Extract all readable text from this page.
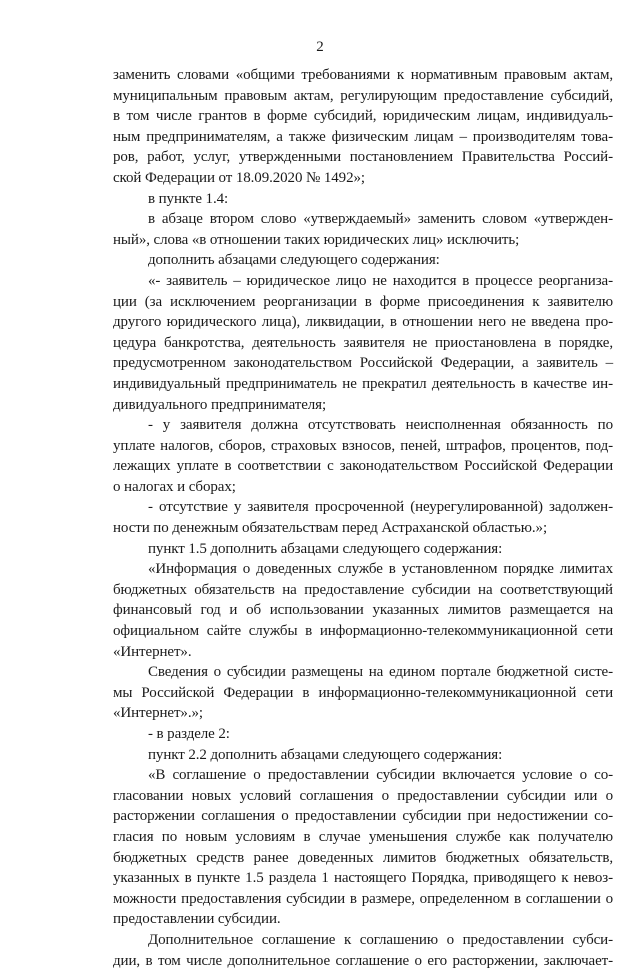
2
заменить словами «общими требованиями к нормативным правовым актам,
муниципальным правовым актам, регулирующим предоставление субсидий,
в том числе грантов в форме субсидий, юридическим лицам, индивидуаль-
ным предпринимателям, а также физическим лицам – производителям това-
ров, работ, услуг, утвержденными постановлением Правительства Россий-
ской Федерации от 18.09.2020 № 1492»;
в пункте 1.4:
в абзаце втором слово «утверждаемый» заменить словом «утвержден-
ный», слова «в отношении таких юридических лиц» исключить;
дополнить абзацами следующего содержания:
«- заявитель – юридическое лицо не находится в процессе реорганиза-
ции (за исключением реорганизации в форме присоединения к заявителю
другого юридического лица), ликвидации, в отношении него не введена про-
цедура банкротства, деятельность заявителя не приостановлена в порядке,
предусмотренном законодательством Российской Федерации, а заявитель –
индивидуальный предприниматель не прекратил деятельность в качестве ин-
дивидуального предпринимателя;
- у заявителя должна отсутствовать неисполненная обязанность по
уплате налогов, сборов, страховых взносов, пеней, штрафов, процентов, под-
лежащих уплате в соответствии с законодательством Российской Федерации
о налогах и сборах;
- отсутствие у заявителя просроченной (неурегулированной) задолжен-
ности по денежным обязательствам перед Астраханской областью.»;
пункт 1.5 дополнить абзацами следующего содержания:
«Информация о доведенных службе в установленном порядке лимитах
бюджетных обязательств на предоставление субсидии на соответствующий
финансовый год и об использовании указанных лимитов размещается на
официальном сайте службы в информационно-телекоммуникационной сети
«Интернет».
Сведения о субсидии размещены на едином портале бюджетной систе-
мы Российской Федерации в информационно-телекоммуникационной сети
«Интернет».»;
- в разделе 2:
пункт 2.2 дополнить абзацами следующего содержания:
«В соглашение о предоставлении субсидии включается условие о со-
гласовании новых условий соглашения о предоставлении субсидии или о
расторжении соглашения о предоставлении субсидии при недостижении со-
гласия по новым условиям в случае уменьшения службе как получателю
бюджетных средств ранее доведенных лимитов бюджетных обязательств,
указанных в пункте 1.5 раздела 1 настоящего Порядка, приводящего к невоз-
можности предоставления субсидии в размере, определенном в соглашении о
предоставлении субсидии.
Дополнительное соглашение к соглашению о предоставлении субси-
дии, в том числе дополнительное соглашение о его расторжении, заключает-
